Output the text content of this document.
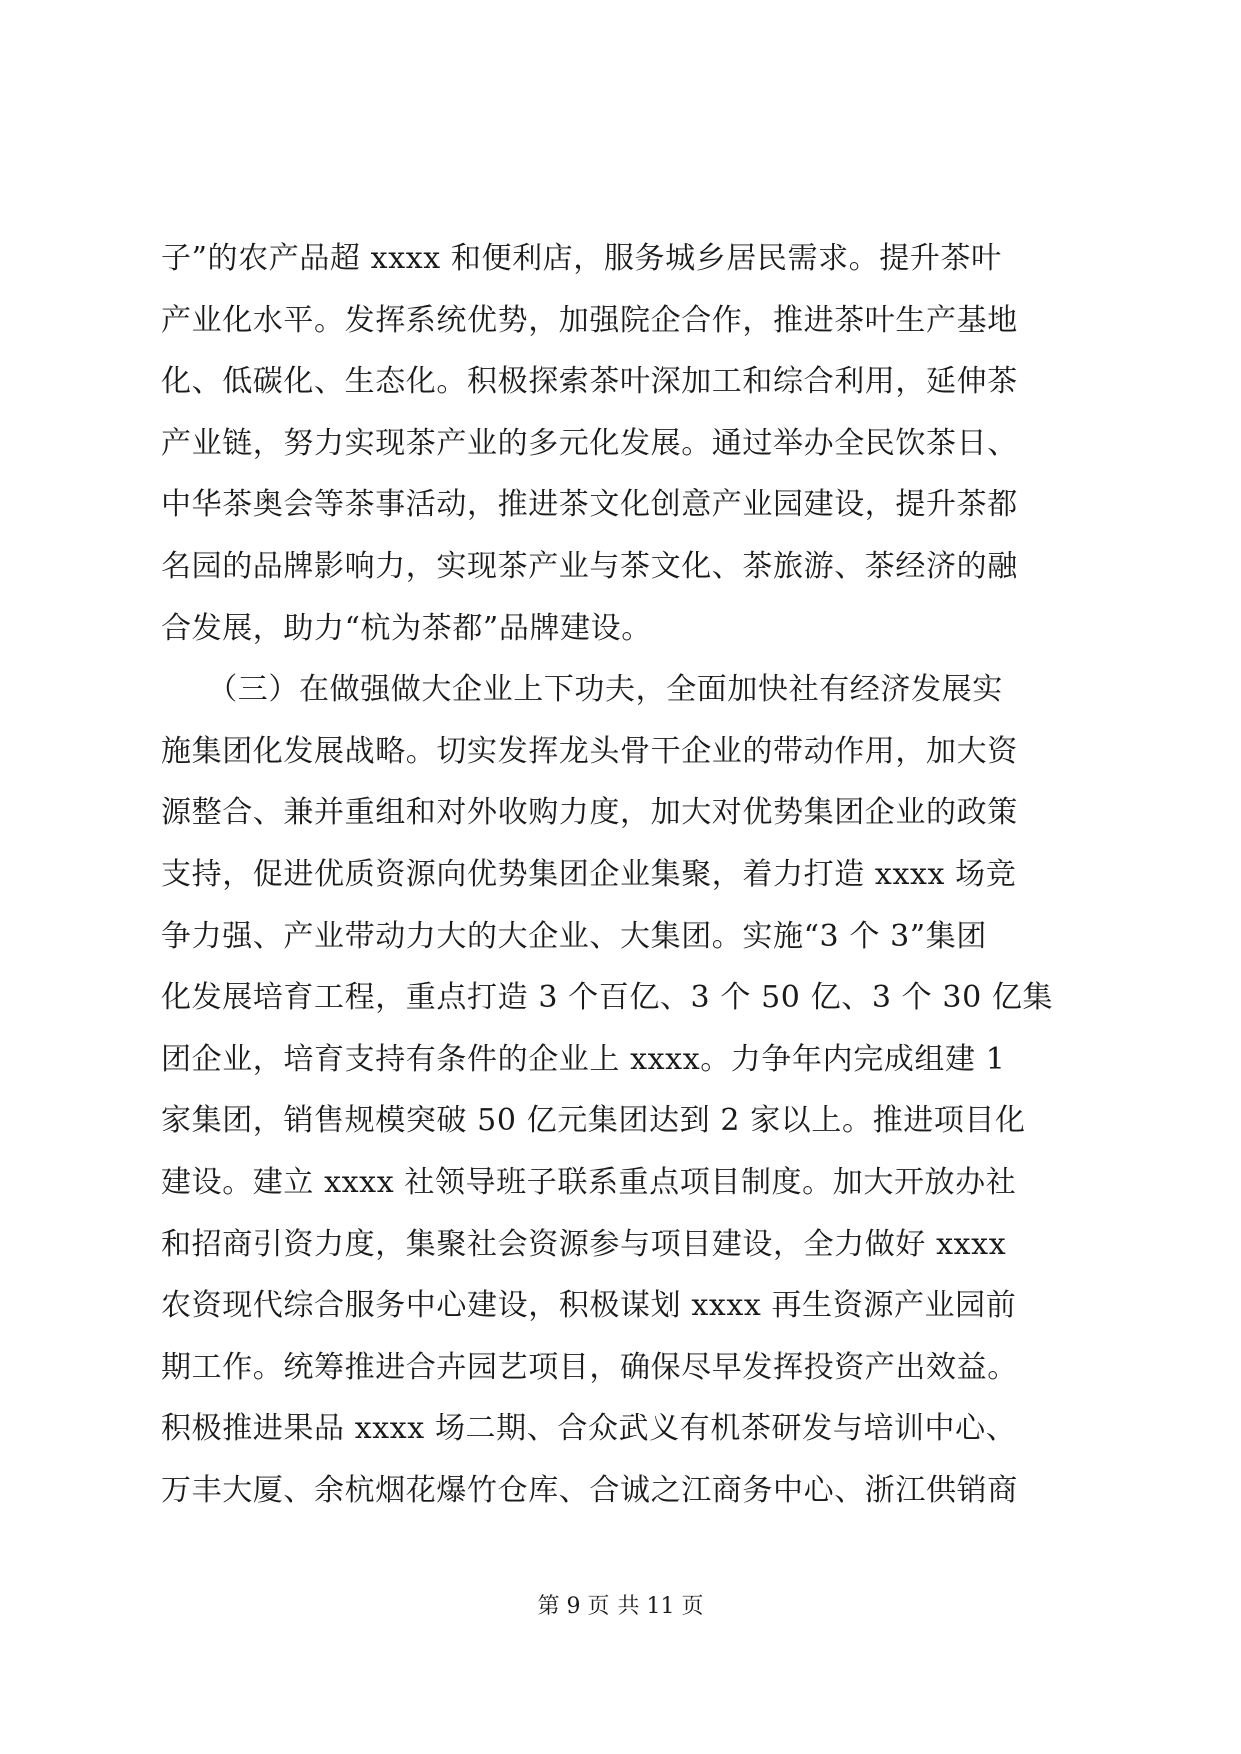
子”的农产品超 xxxx 和便利店，服务城乡居民需求。提升茶叶
产业化水平。发挥系统优势，加强院企合作，推进茶叶生产基地
化、低碳化、生态化。积极探索茶叶深加工和综合利用，延伸茶
产业链，努力实现茶产业的多元化发展。通过举办全民饮茶日、
中华茶奥会等茶事活动，推进茶文化创意产业园建设，提升茶都
名园的品牌影响力，实现茶产业与茶文化、茶旅游、茶经济的融
合发展，助力“杭为茶都”品牌建设。
　　（三）在做强做大企业上下功夫，全面加快社有经济发展实
施集团化发展战略。切实发挥龙头骨干企业的带动作用，加大资
源整合、兼并重组和对外收购力度，加大对优势集团企业的政策
支持，促进优质资源向优势集团企业集聚，着力打造 xxxx 场竞
争力强、产业带动力大的大企业、大集团。实施“3 个 3”集团
化发展培育工程，重点打造 3 个百亿、3 个 50 亿、3 个 30 亿集
团企业，培育支持有条件的企业上 xxxx。力争年内完成组建 1
家集团，销售规模突破 50 亿元集团达到 2 家以上。推进项目化
建设。建立 xxxx 社领导班子联系重点项目制度。加大开放办社
和招商引资力度，集聚社会资源参与项目建设，全力做好 xxxx
农资现代综合服务中心建设，积极谋划 xxxx 再生资源产业园前
期工作。统筹推进合卉园艺项目，确保尽早发挥投资产出效益。
积极推进果品 xxxx 场二期、合众武义有机茶研发与培训中心、
万丰大厦、余杭烟花爆竹仓库、合诚之江商务中心、浙江供销商
第 9 页 共 11 页
